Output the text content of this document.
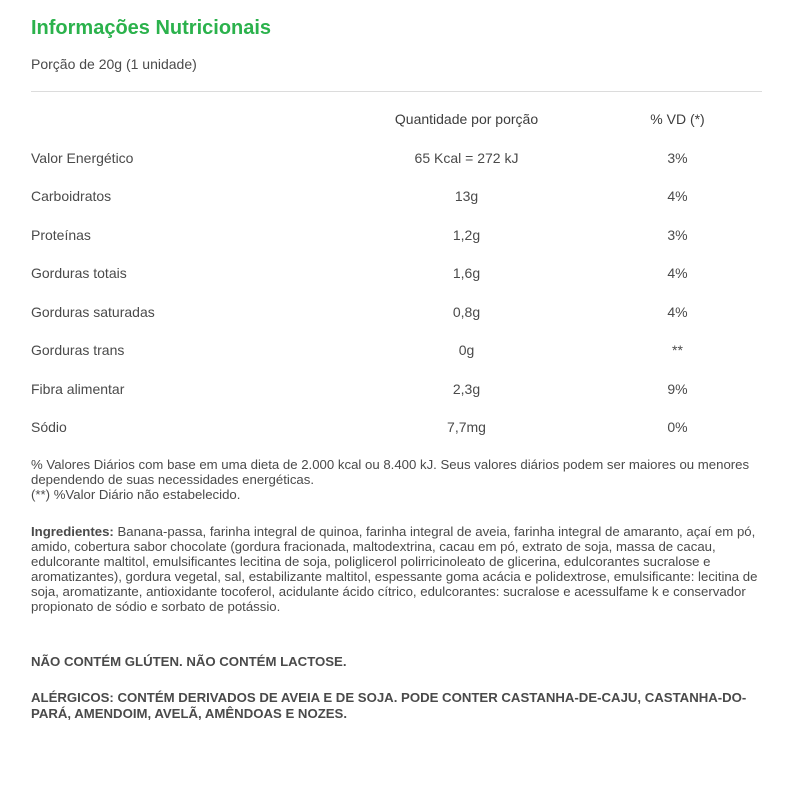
Informações Nutricionais
Porção de 20g (1 unidade)
	Quantidade por porção	% VD (*)
Valor Energético	65 Kcal = 272 kJ	3%
Carboidratos	13g	4%
Proteínas	1,2g	3%
Gorduras totais	1,6g	4%
Gorduras saturadas	0,8g	4%
Gorduras trans	0g	**
Fibra alimentar	2,3g	9%
Sódio	7,7mg	0%
% Valores Diários com base em uma dieta de 2.000 kcal ou 8.400 kJ. Seus valores diários podem ser maiores ou menores dependendo de suas necessidades energéticas.
(**) %Valor Diário não estabelecido.
Ingredientes: Banana-passa, farinha integral de quinoa, farinha integral de aveia, farinha integral de amaranto, açaí em pó, amido, cobertura sabor chocolate (gordura fracionada, maltodextrina, cacau em pó, extrato de soja, massa de cacau, edulcorante maltitol, emulsificantes lecitina de soja, poliglicerol polirricinoleato de glicerina, edulcorantes sucralose e aromatizantes), gordura vegetal, sal, estabilizante maltitol, espessante goma acácia e polidextrose, emulsificante: lecitina de soja, aromatizante, antioxidante tocoferol, acidulante ácido cítrico, edulcorantes: sucralose e acessulfame k e conservador propionato de sódio e sorbato de potássio.
NÃO CONTÉM GLÚTEN. NÃO CONTÉM LACTOSE.
ALÉRGICOS: CONTÉM DERIVADOS DE AVEIA E DE SOJA. PODE CONTER CASTANHA-DE-CAJU, CASTANHA-DO-PARÁ, AMENDOIM, AVELÃ, AMÊNDOAS E NOZES.
